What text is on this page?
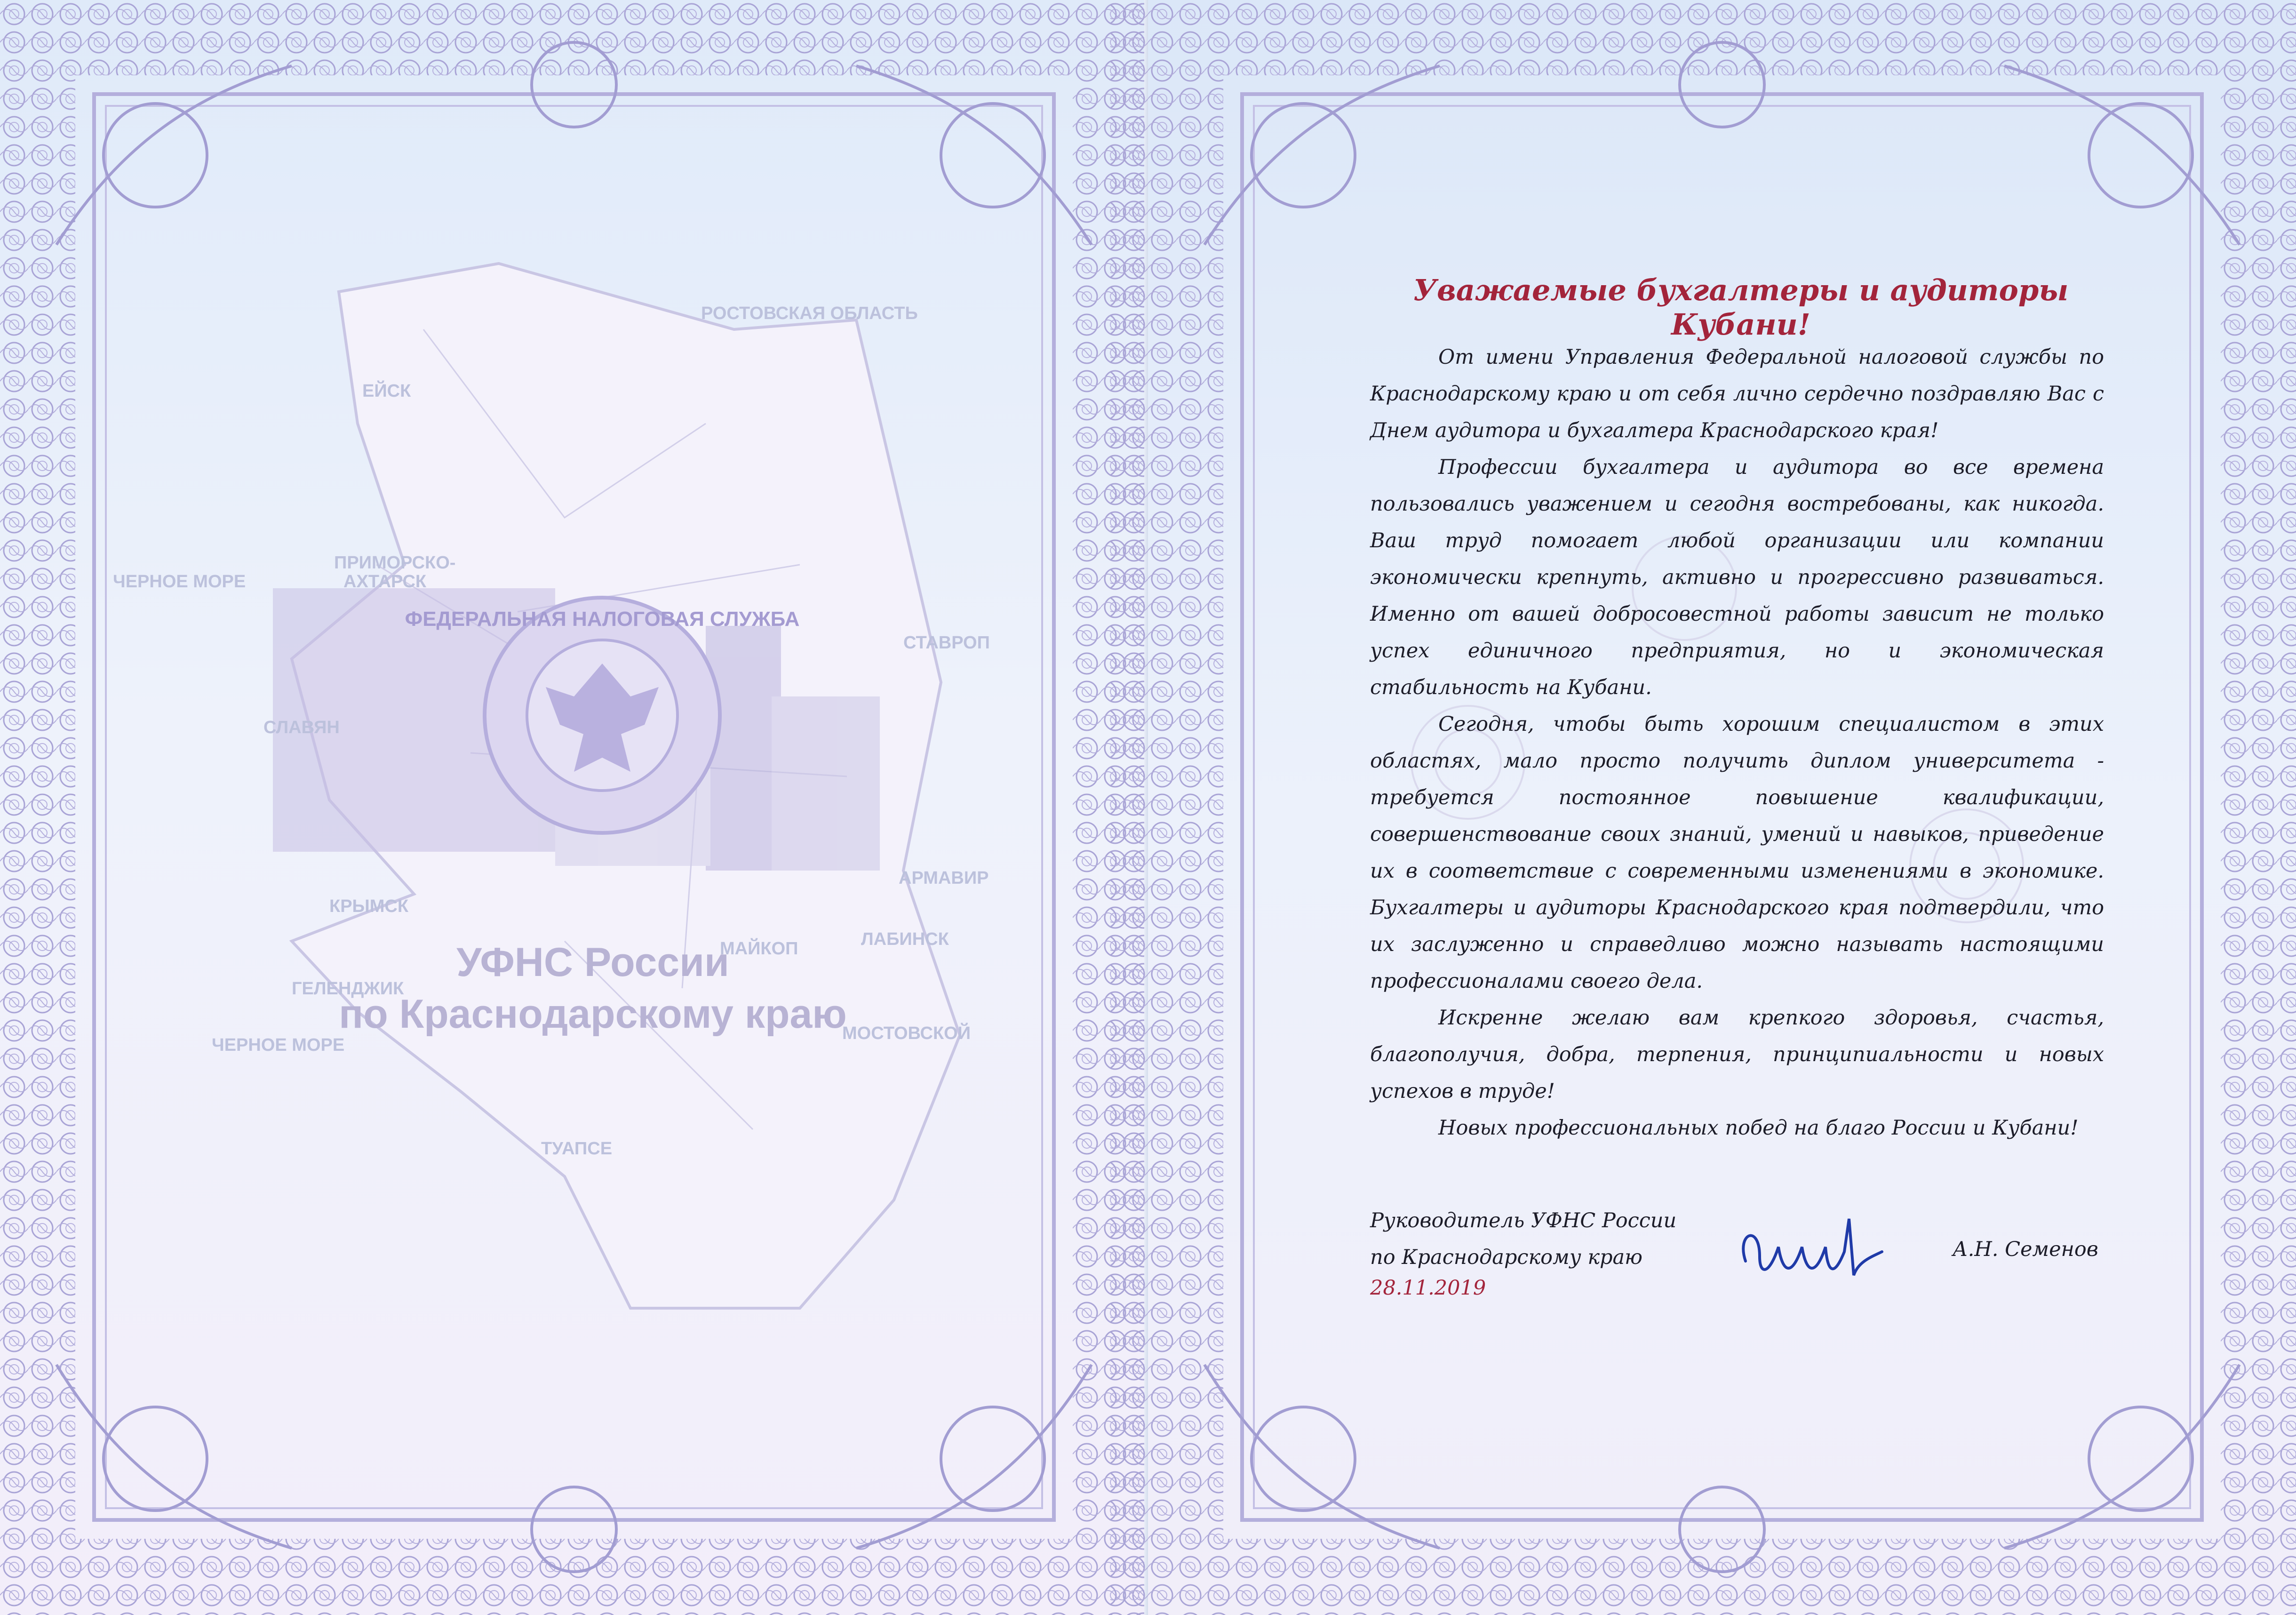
ФЕДЕРАЛЬНАЯ НАЛОГОВАЯ СЛУЖБА
ЧЕРНОЕ МОРЕ
ЧЕРНОЕ МОРЕ
ПРИМОРСКО-
АХТАРСК
РОСТОВСКАЯ ОБЛАСТЬ
СТАВРОП
ЕЙСК
СЛАВЯН
КРЫМСК
ГЕЛЕНДЖИК
АРМАВИР
ЛАБИНСК
МОСТОВСКОЙ
МАЙКОП
ТУАПСЕ
УФНС России
по Краснодарскому краю
Уважаемые бухгалтеры и аудиторы Кубани!

От имени Управления Федеральной налоговой службы по Краснодарскому краю и от себя лично сердечно поздравляю Вас с Днем аудитора и бухгалтера Краснодарского края!

Профессии бухгалтера и аудитора во все времена пользовались уважением и сегодня востребованы, как никогда. Ваш труд помогает любой организации или компании экономически крепнуть, активно и прогрессивно развиваться. Именно от вашей добросовестной работы зависит не только успех единичного предприятия, но и экономическая стабильность на Кубани.

Сегодня, чтобы быть хорошим специалистом в этих областях, мало просто получить диплом университета - требуется постоянное повышение квалификации, совершенствование своих знаний, умений и навыков, приведение их в соответствие с современными изменениями в экономике. Бухгалтеры и аудиторы Краснодарского края подтвердили, что их заслуженно и справедливо можно называть настоящими профессионалами своего дела.

Искренне желаю вам крепкого здоровья, счастья, благополучия, добра, терпения, принципиальности и новых успехов в труде!

Новых профессиональных побед на благо России и Кубани!

Руководитель УФНС России
по Краснодарскому краю
28.11.2019
А.Н. Семенов
